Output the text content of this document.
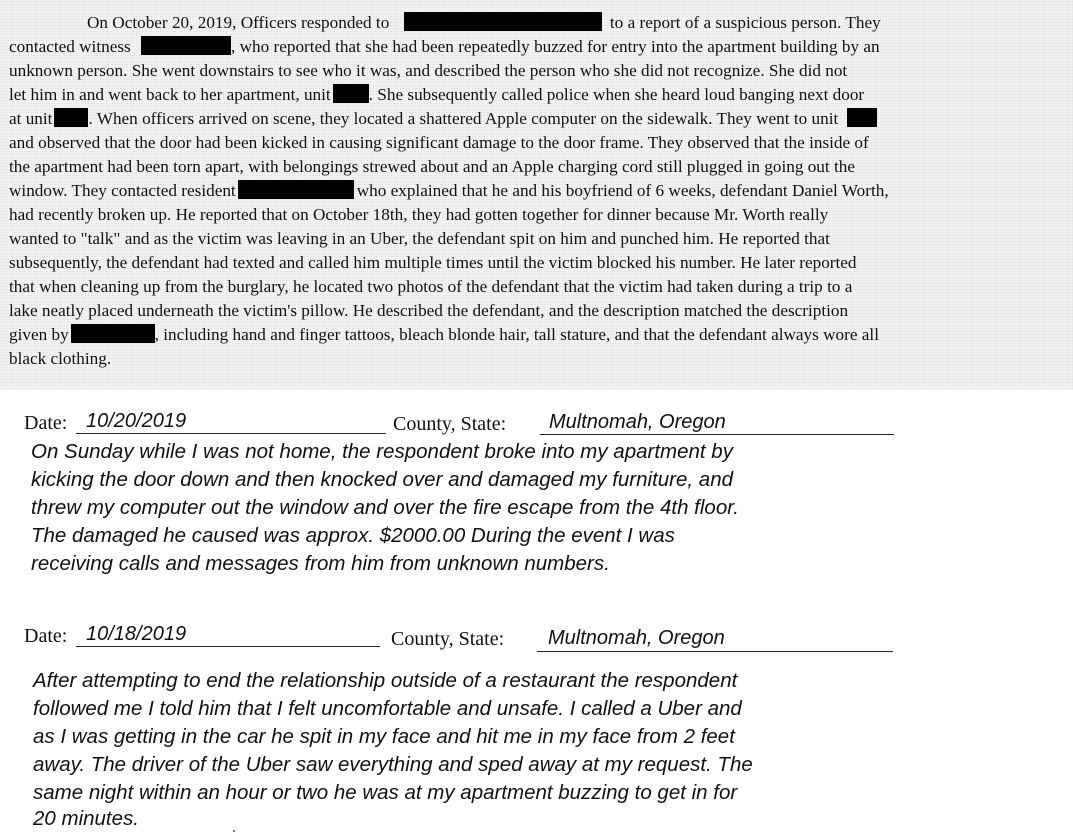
On October 20, 2019, Officers responded to	to a report of a suspicious person. They
contacted witness	, who reported that she had been repeatedly buzzed for entry into the apartment building by an
unknown person. She went downstairs to see who it was, and described the person who she did not recognize. She did not
let him in and went back to her apartment, unit . She subsequently called police when she heard loud banging next door
at unit . When officers arrived on scene, they located a shattered Apple computer on the sidewalk. They went to unit
and observed that the door had been kicked in causing significant damage to the door frame. They observed that the inside of
the apartment had been torn apart, with belongings strewed about and an Apple charging cord still plugged in going out the
window. They contacted resident	who explained that he and his boyfriend of 6 weeks, defendant Daniel Worth,
had recently broken up. He reported that on October 18th, they had gotten together for dinner because Mr. Worth really
wanted to "talk" and as the victim was leaving in an Uber, the defendant spit on him and punched him. He reported that
subsequently, the defendant had texted and called him multiple times until the victim blocked his number. He later reported
that when cleaning up from the burglary, he located two photos of the defendant that the victim had taken during a trip to a
lake neatly placed underneath the victim's pillow. He described the defendant, and the description matched the description
given by	, including hand and finger tattoos, bleach blonde hair, tall stature, and that the defendant always wore all
black clothing.
Date: 10/20/2019	County, State: Multnomah, Oregon
On Sunday while I was not home, the respondent broke into my apartment by
kicking the door down and then knocked over and damaged my furniture, and
threw my computer out the window and over the fire escape from the 4th floor.
The damaged he caused was approx. $2000.00 During the event I was
receiving calls and messages from him from unknown numbers.
Date: 10/18/2019	County, State: Multnomah, Oregon
After attempting to end the relationship outside of a restaurant the respondent
followed me I told him that I felt uncomfortable and unsafe. I called a Uber and
as I was getting in the car he spit in my face and hit me in my face from 2 feet
away. The driver of the Uber saw everything and sped away at my request. The
same night within an hour or two he was at my apartment buzzing to get in for
20 minutes.
